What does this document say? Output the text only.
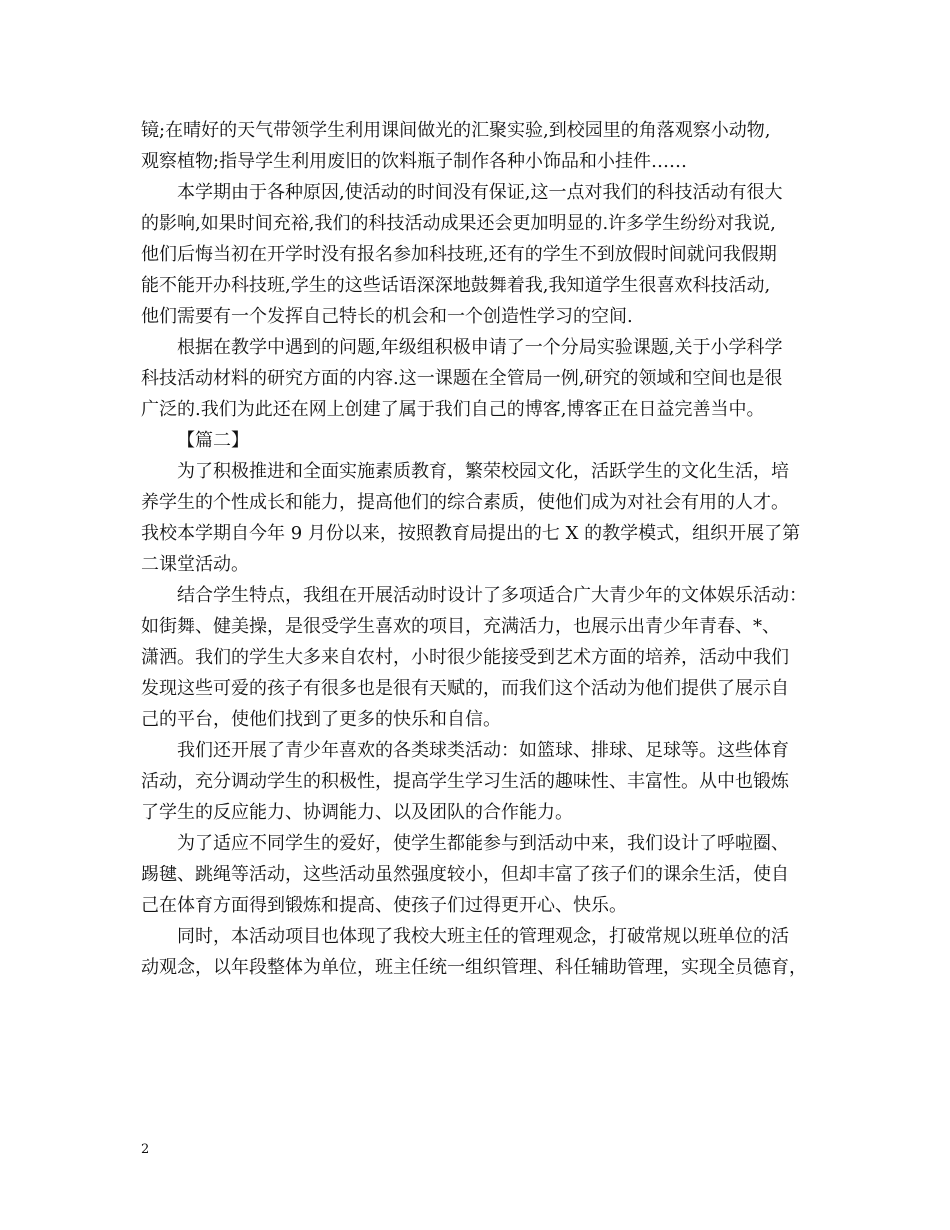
镜;在晴好的天气带领学生利用课间做光的汇聚实验,到校园里的角落观察小动物,
观察植物;指导学生利用废旧的饮料瓶子制作各种小饰品和小挂件……
本学期由于各种原因,使活动的时间没有保证,这一点对我们的科技活动有很大
的影响,如果时间充裕,我们的科技活动成果还会更加明显的.许多学生纷纷对我说,
他们后悔当初在开学时没有报名参加科技班,还有的学生不到放假时间就问我假期
能不能开办科技班,学生的这些话语深深地鼓舞着我,我知道学生很喜欢科技活动,
他们需要有一个发挥自己特长的机会和一个创造性学习的空间.
根据在教学中遇到的问题,年级组积极申请了一个分局实验课题,关于小学科学
科技活动材料的研究方面的内容.这一课题在全管局一例,研究的领域和空间也是很
广泛的.我们为此还在网上创建了属于我们自己的博客,博客正在日益完善当中。
【篇二】
为了积极推进和全面实施素质教育，繁荣校园文化，活跃学生的文化生活，培
养学生的个性成长和能力，提高他们的综合素质，使他们成为对社会有用的人才。
我校本学期自今年 9 月份以来，按照教育局提出的七 X 的教学模式，组织开展了第
二课堂活动。
结合学生特点，我组在开展活动时设计了多项适合广大青少年的文体娱乐活动：
如街舞、健美操，是很受学生喜欢的项目，充满活力，也展示出青少年青春、*、
潇洒。我们的学生大多来自农村，小时很少能接受到艺术方面的培养，活动中我们
发现这些可爱的孩子有很多也是很有天赋的，而我们这个活动为他们提供了展示自
己的平台，使他们找到了更多的快乐和自信。
我们还开展了青少年喜欢的各类球类活动：如篮球、排球、足球等。这些体育
活动，充分调动学生的积极性，提高学生学习生活的趣味性、丰富性。从中也锻炼
了学生的反应能力、协调能力、以及团队的合作能力。
为了适应不同学生的爱好，使学生都能参与到活动中来，我们设计了呼啦圈、
踢毽、跳绳等活动，这些活动虽然强度较小，但却丰富了孩子们的课余生活，使自
己在体育方面得到锻炼和提高、使孩子们过得更开心、快乐。
同时，本活动项目也体现了我校大班主任的管理观念，打破常规以班单位的活
动观念，以年段整体为单位，班主任统一组织管理、科任辅助管理，实现全员德育，
2
